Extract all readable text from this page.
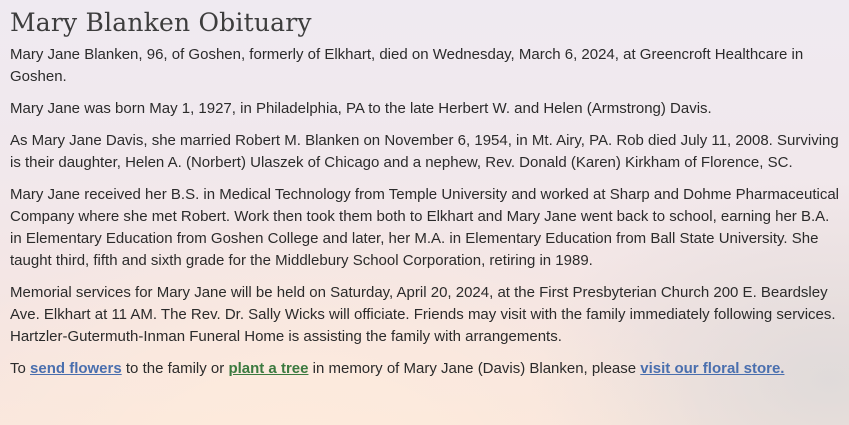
Mary Blanken Obituary

Mary Jane Blanken, 96, of Goshen, formerly of Elkhart, died on Wednesday, March 6, 2024, at Greencroft Healthcare in Goshen.

Mary Jane was born May 1, 1927, in Philadelphia, PA to the late Herbert W. and Helen (Armstrong) Davis.

As Mary Jane Davis, she married Robert M. Blanken on November 6, 1954, in Mt. Airy, PA. Rob died July 11, 2008. Surviving is their daughter, Helen A. (Norbert) Ulaszek of Chicago and a nephew, Rev. Donald (Karen) Kirkham of Florence, SC.

Mary Jane received her B.S. in Medical Technology from Temple University and worked at Sharp and Dohme Pharmaceutical Company where she met Robert. Work then took them both to Elkhart and Mary Jane went back to school, earning her B.A. in Elementary Education from Goshen College and later, her M.A. in Elementary Education from Ball State University. She taught third, fifth and sixth grade for the Middlebury School Corporation, retiring in 1989.

Memorial services for Mary Jane will be held on Saturday, April 20, 2024, at the First Presbyterian Church 200 E. Beardsley Ave. Elkhart at 11 AM. The Rev. Dr. Sally Wicks will officiate. Friends may visit with the family immediately following services. Hartzler-Gutermuth-Inman Funeral Home is assisting the family with arrangements.

To send flowers to the family or plant a tree in memory of Mary Jane (Davis) Blanken, please visit our floral store.
